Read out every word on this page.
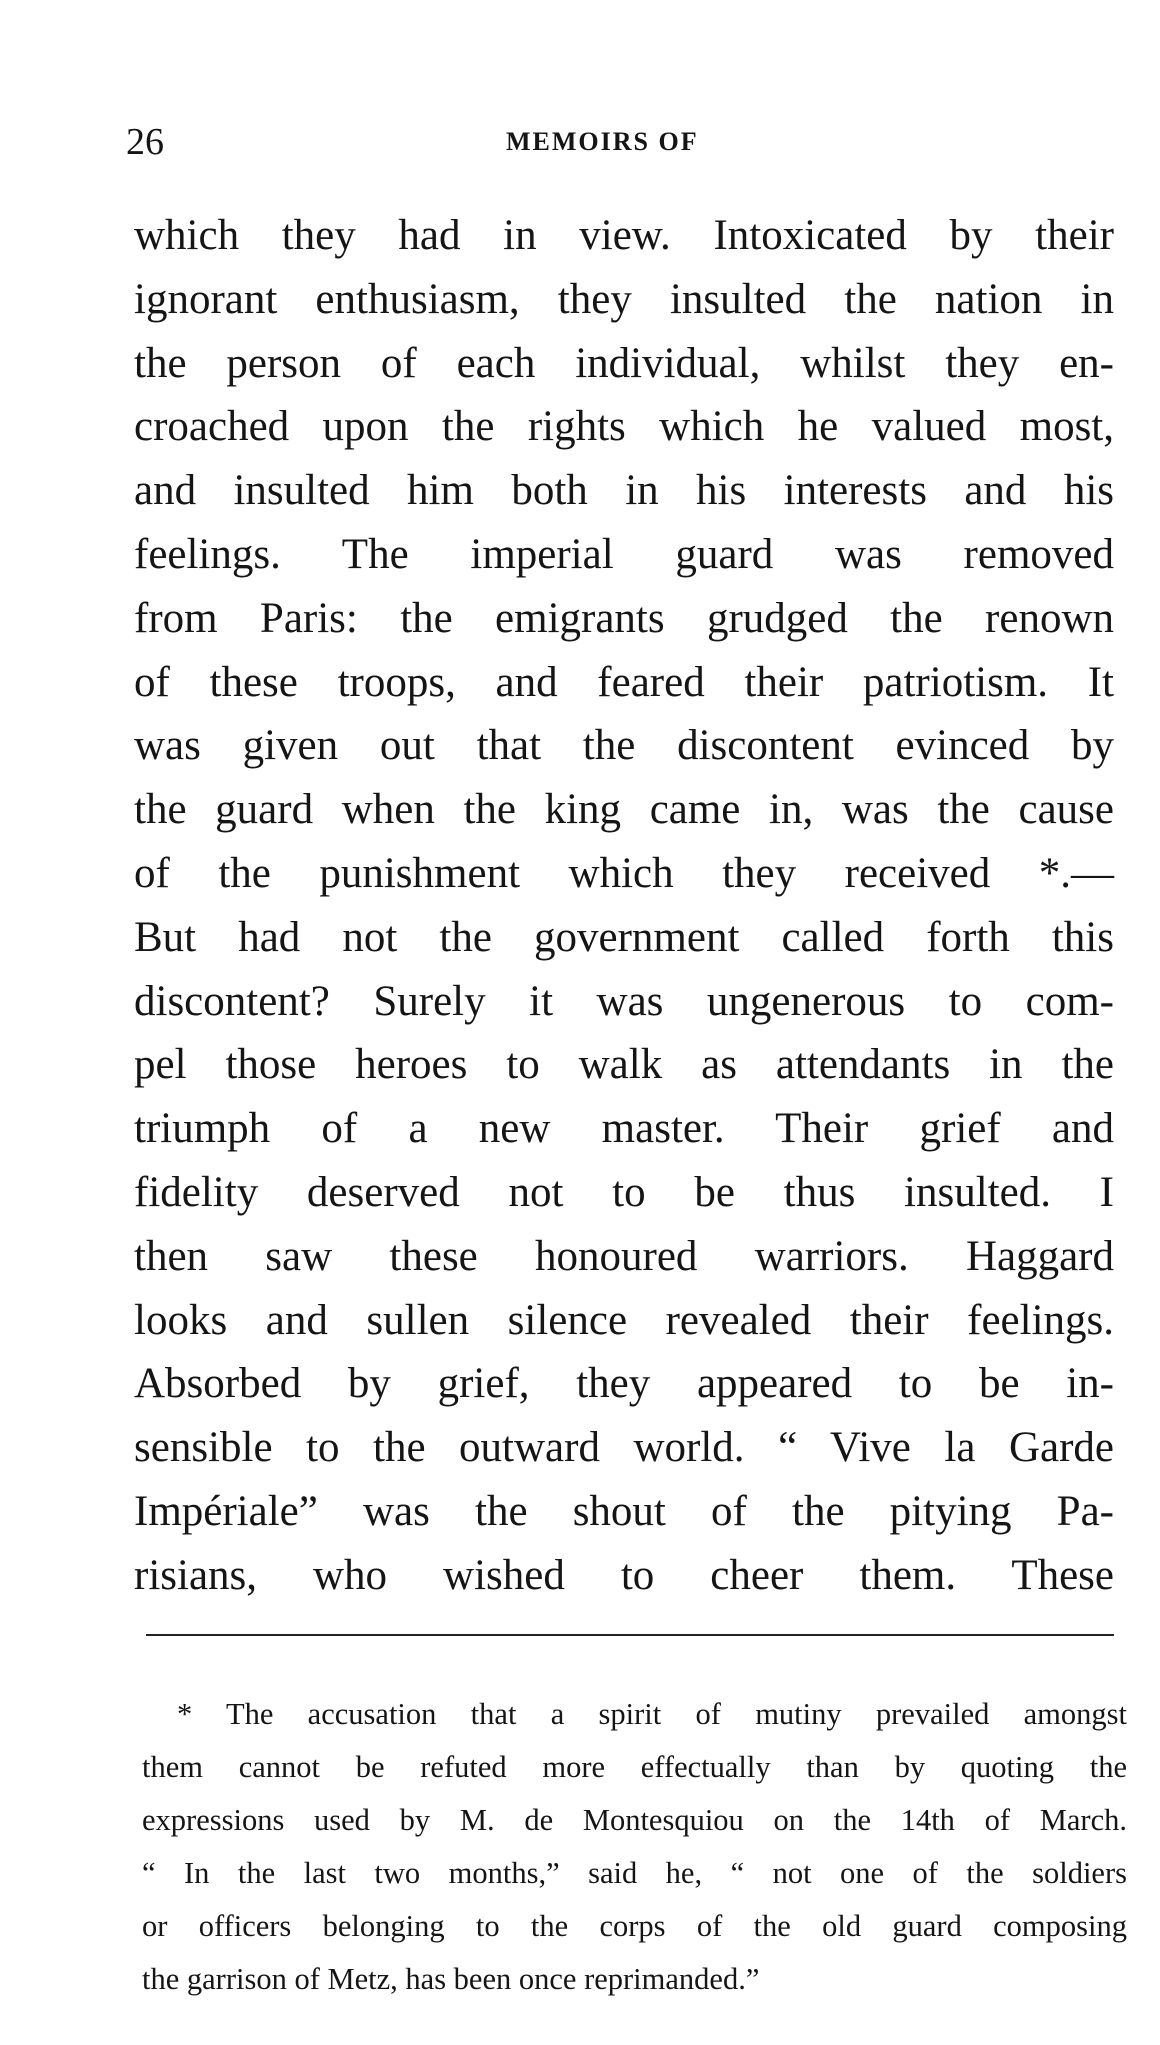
26	MEMOIRS OF
which they had in view. Intoxicated by their
ignorant enthusiasm, they insulted the nation in
the person of each individual, whilst they en-
croached upon the rights which he valued most,
and insulted him both in his interests and his
feelings. The imperial guard was removed
from Paris: the emigrants grudged the renown
of these troops, and feared their patriotism. It
was given out that the discontent evinced by
the guard when the king came in, was the cause
of the punishment which they received *.—
But had not the government called forth this
discontent? Surely it was ungenerous to com-
pel those heroes to walk as attendants in the
triumph of a new master. Their grief and
fidelity deserved not to be thus insulted. I
then saw these honoured warriors. Haggard
looks and sullen silence revealed their feelings.
Absorbed by grief, they appeared to be in-
sensible to the outward world. “ Vive la Garde
Impériale” was the shout of the pitying Pa-
risians, who wished to cheer them. These
* The accusation that a spirit of mutiny prevailed amongst
them cannot be refuted more effectually than by quoting the
expressions used by M. de Montesquiou on the 14th of March.
“ In the last two months,” said he, “ not one of the soldiers
or officers belonging to the corps of the old guard composing
the garrison of Metz, has been once reprimanded.”
